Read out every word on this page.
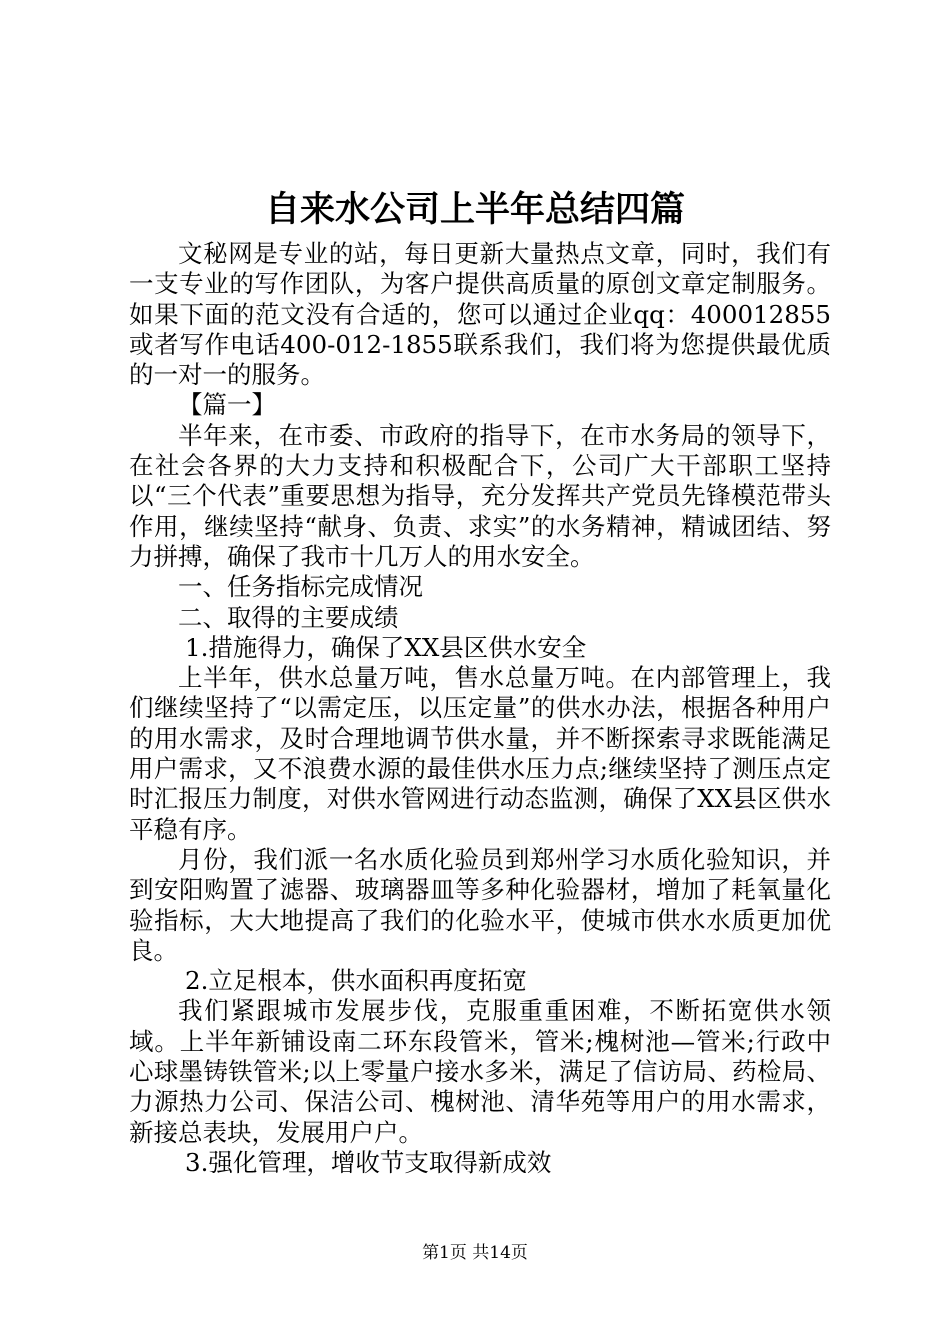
自来水公司上半年总结四篇

文秘网是专业的站，每日更新大量热点文章，同时，我们有一支专业的写作团队，为客户提供高质量的原创文章定制服务。如果下面的范文没有合适的，您可以通过企业qq：400012855或者写作电话400-012-1855联系我们，我们将为您提供最优质的一对一的服务。

【篇一】

半年来，在市委、市政府的指导下，在市水务局的领导下，在社会各界的大力支持和积极配合下，公司广大干部职工坚持以“三个代表”重要思想为指导，充分发挥共产党员先锋模范带头作用，继续坚持“献身、负责、求实”的水务精神，精诚团结、努力拼搏，确保了我市十几万人的用水安全。

一、任务指标完成情况

二、取得的主要成绩

1.措施得力，确保了XX县区供水安全

上半年，供水总量万吨，售水总量万吨。在内部管理上，我们继续坚持了“以需定压，以压定量”的供水办法，根据各种用户的用水需求，及时合理地调节供水量，并不断探索寻求既能满足用户需求，又不浪费水源的最佳供水压力点;继续坚持了测压点定时汇报压力制度，对供水管网进行动态监测，确保了XX县区供水平稳有序。

月份，我们派一名水质化验员到郑州学习水质化验知识，并到安阳购置了滤器、玻璃器皿等多种化验器材，增加了耗氧量化验指标，大大地提高了我们的化验水平，使城市供水水质更加优良。

2.立足根本，供水面积再度拓宽

我们紧跟城市发展步伐，克服重重困难，不断拓宽供水领域。上半年新铺设南二环东段管米，管米;槐树池—管米;行政中心球墨铸铁管米;以上零量户接水多米，满足了信访局、药检局、力源热力公司、保洁公司、槐树池、清华苑等用户的用水需求，新接总表块，发展用户户。

3.强化管理，增收节支取得新成效

第1页 共14页
